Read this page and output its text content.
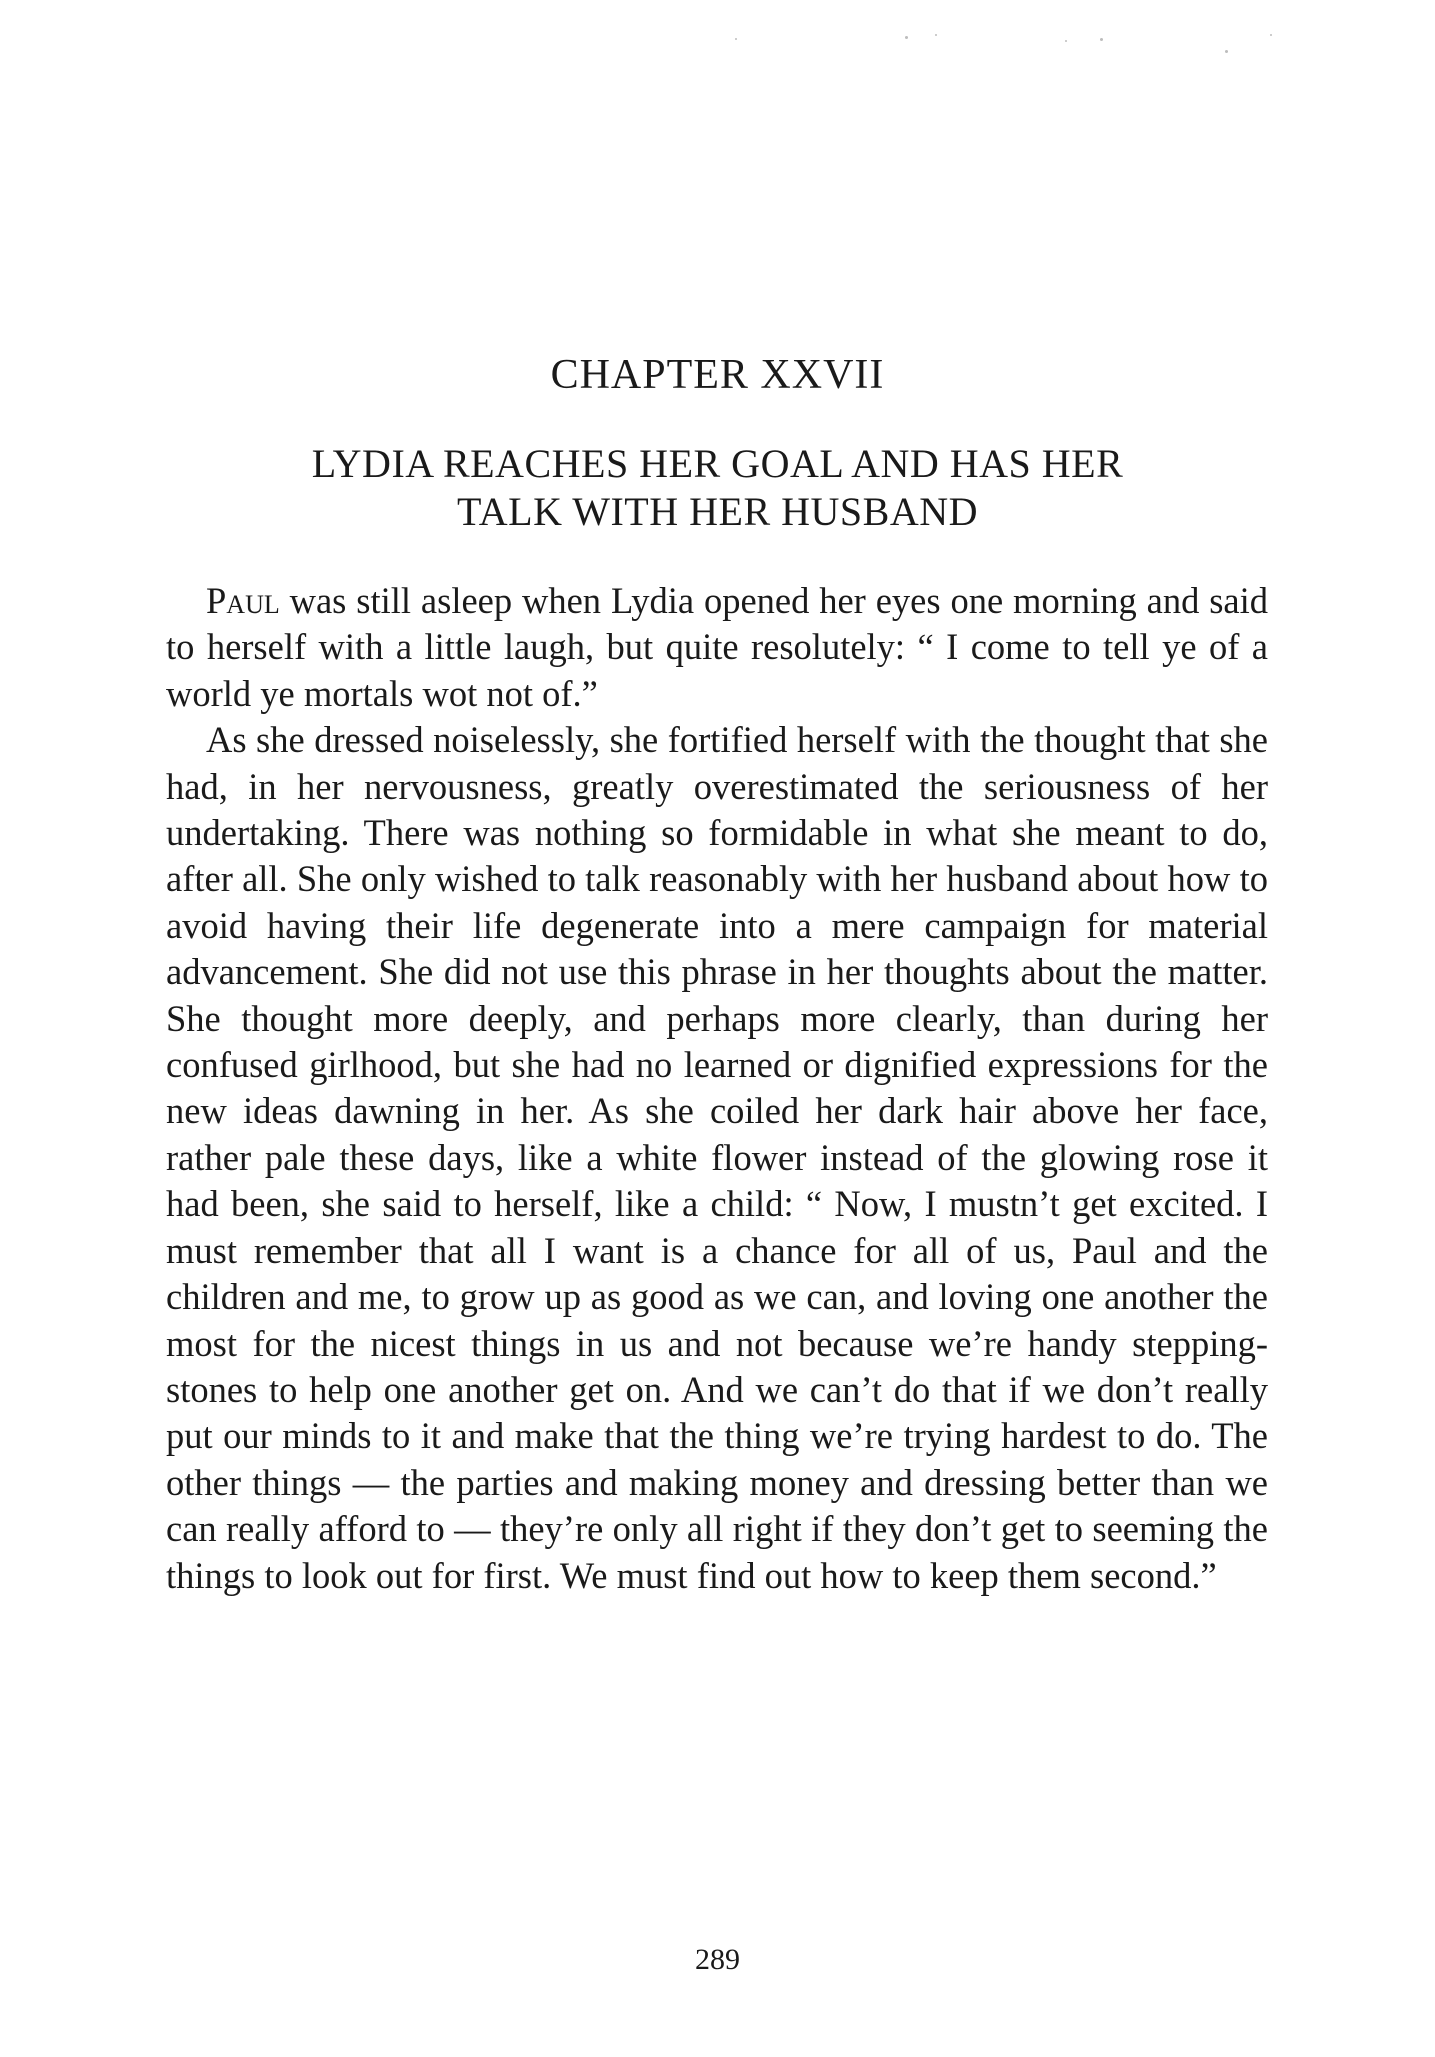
CHAPTER XXVII
LYDIA REACHES HER GOAL AND HAS HER
TALK WITH HER HUSBAND

Paul was still asleep when Lydia opened her eyes one morning and said to herself with a little laugh, but quite resolutely: “ I come to tell ye of a world ye mortals wot not of.”

As she dressed noiselessly, she fortified herself with the thought that she had, in her nervousness, greatly overestimated the seriousness of her undertaking. There was nothing so formidable in what she meant to do, after all. She only wished to talk reasonably with her husband about how to avoid having their life degenerate into a mere campaign for material advancement. She did not use this phrase in her thoughts about the matter. She thought more deeply, and perhaps more clearly, than during her confused girlhood, but she had no learned or dignified expressions for the new ideas dawning in her. As she coiled her dark hair above her face, rather pale these days, like a white flower instead of the glowing rose it had been, she said to herself, like a child: “ Now, I mustn’t get excited. I must remember that all I want is a chance for all of us, Paul and the children and me, to grow up as good as we can, and loving one another the most for the nicest things in us and not because we’re handy stepping-stones to help one another get on. And we can’t do that if we don’t really put our minds to it and make that the thing we’re trying hardest to do. The other things — the parties and making money and dressing better than we can really afford to — they’re only all right if they don’t get to seeming the things to look out for first. We must find out how to keep them second.”

289
